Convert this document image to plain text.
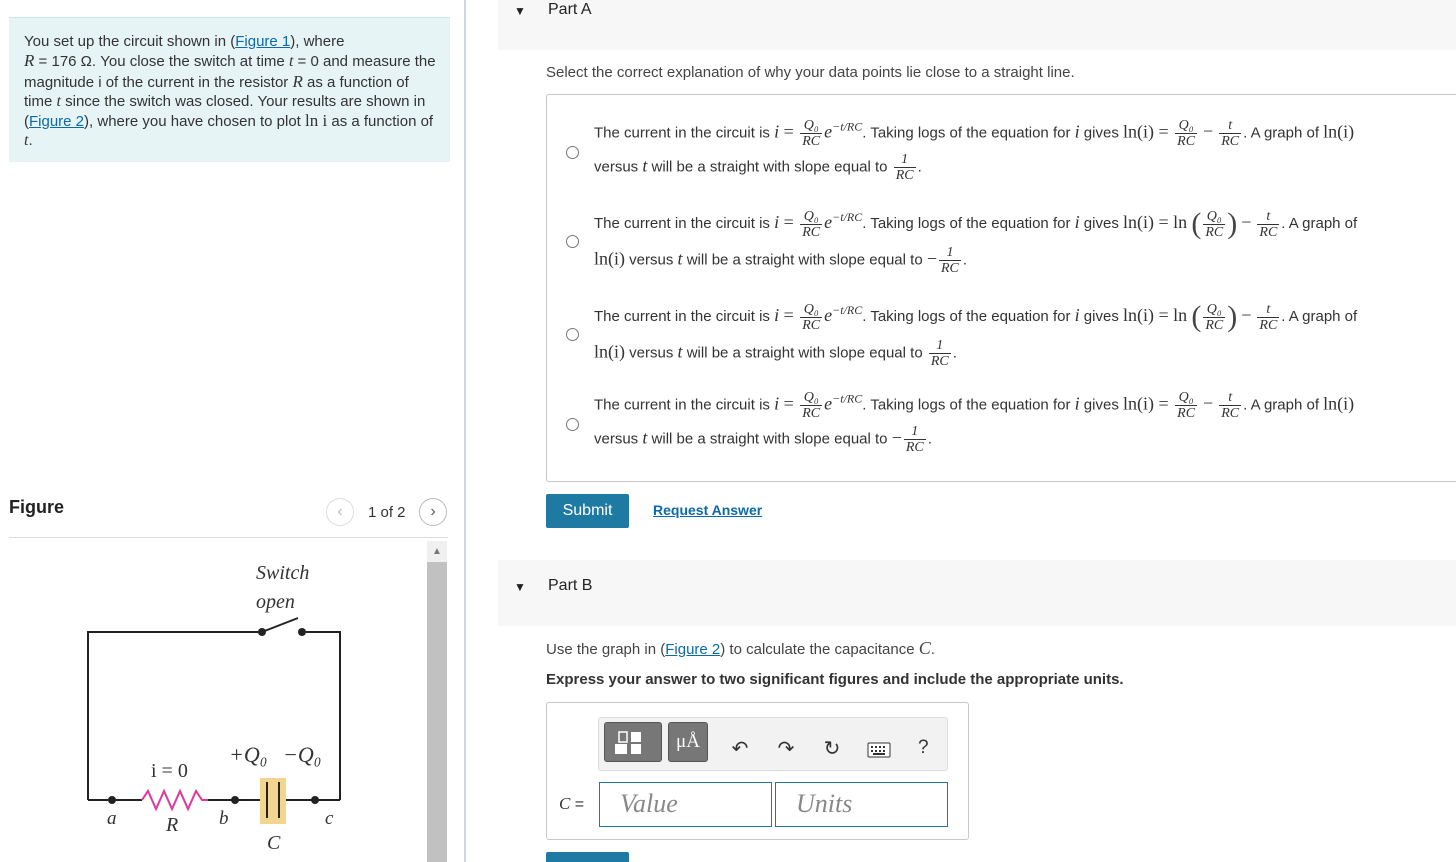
You set up the circuit shown in (Figure 1), where
R = 176 Ω. You close the switch at time t = 0 and measure the magnitude i of the current in the resistor R as a function of time t since the switch was closed. Your results are shown in (Figure 2), where you have chosen to plot ln i as a function of t.
Figure	‹ 1 of 2 ›
Switch
open
i = 0
+Q₀ −Q₀
a R b	c
C
▲
▼ Part A
Select the correct explanation of why your data points lie close to a straight line.
The current in the circuit is $i = \frac{\text{Q₀}}{RC} e^{-t/RC}$. Taking logs of the equation for i gives $\ln(i) = \frac{\text{Q₀}}{RC} - \frac{t}{RC}$ . A graph of ln(i)
versus t will be a straight with slope equal to $\frac{1}{RC}$ .
The current in the circuit is $i = \frac{\text{Q₀}}{RC} e^{-t/RC}$. Taking logs of the equation for i gives ln(i) = ln ( $\frac{\text{Q₀}}{RC}$ ) − $\frac{t}{RC}$ . A graph of
ln(i) versus t will be a straight with slope equal to − $\frac{1}{RC}$ .
The current in the circuit is $i = \frac{\text{Q₀}}{RC} e^{-t/RC}$. Taking logs of the equation for i gives ln(i) = ln ( $\frac{\text{Q₀}}{RC}$ ) − $\frac{t}{RC}$ . A graph of
ln(i) versus t will be a straight with slope equal to $\frac{1}{RC}$ .
The current in the circuit is $i = \frac{\text{Q₀}}{RC} e^{-t/RC}$. Taking logs of the equation for i gives $\ln(i) = \frac{\text{Q₀}}{RC} - \frac{t}{RC}$ . A graph of ln(i)
versus t will be a straight with slope equal to − $\frac{1}{RC}$ .
Submit	Request Answer
▼ Part B
Use the graph in (Figure 2) to calculate the capacitance C.
Express your answer to two significant figures and include the appropriate units.
μÅ ↶ ↷ ↻	?
C =	Value	Units
